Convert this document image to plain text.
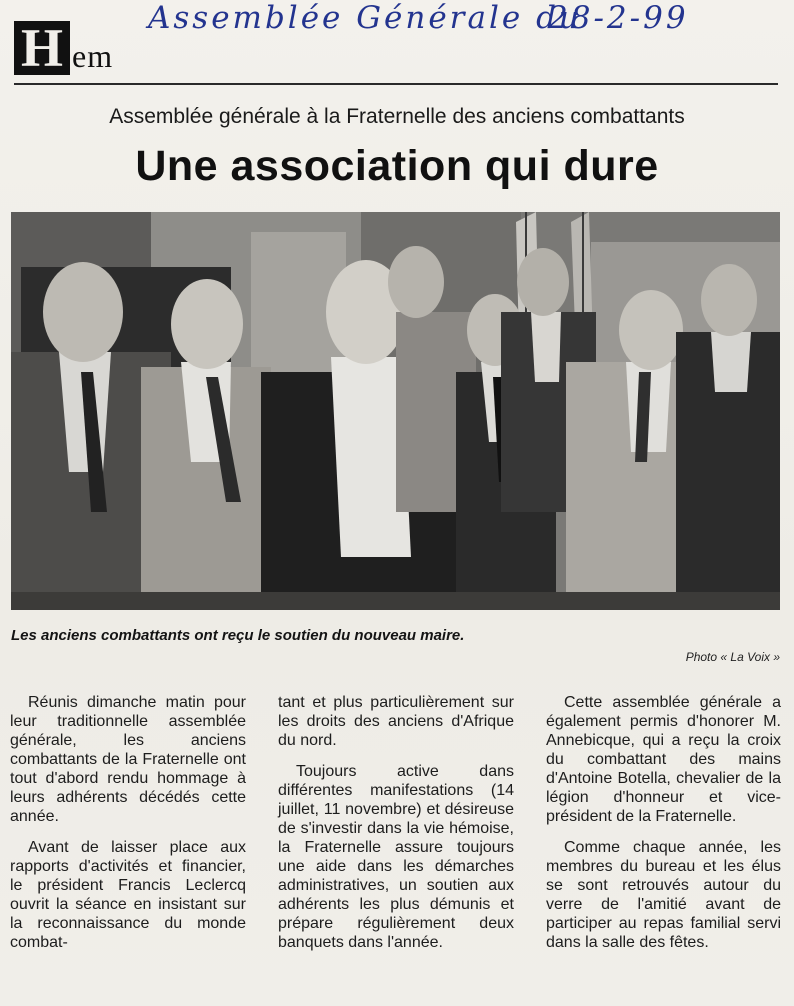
H em
Assemblée Générale du
28-2-99
Assemblée générale à la Fraternelle des anciens combattants
Une association qui dure
Les anciens combattants ont reçu le soutien du nouveau maire.
Photo « La Voix »

Réunis dimanche matin pour leur traditionnelle assemblée générale, les anciens combattants de la Fraternelle ont tout d'abord rendu hommage à leurs adhérents décédés cette année.

Avant de laisser place aux rapports d'activités et financier, le président Francis Leclercq ouvrit la séance en insistant sur la reconnaissance du monde combat-

tant et plus particulièrement sur les droits des anciens d'Afrique du nord.

Toujours active dans différentes manifestations (14 juillet, 11 novembre) et désireuse de s'investir dans la vie hémoise, la Fraternelle assure toujours une aide dans les démarches administratives, un soutien aux adhérents les plus démunis et prépare régulièrement deux banquets dans l'année.

Cette assemblée générale a également permis d'honorer M. Annebicque, qui a reçu la croix du combattant des mains d'Antoine Botella, chevalier de la légion d'honneur et vice-président de la Fraternelle.

Comme chaque année, les membres du bureau et les élus se sont retrouvés autour du verre de l'amitié avant de participer au repas familial servi dans la salle des fêtes.
